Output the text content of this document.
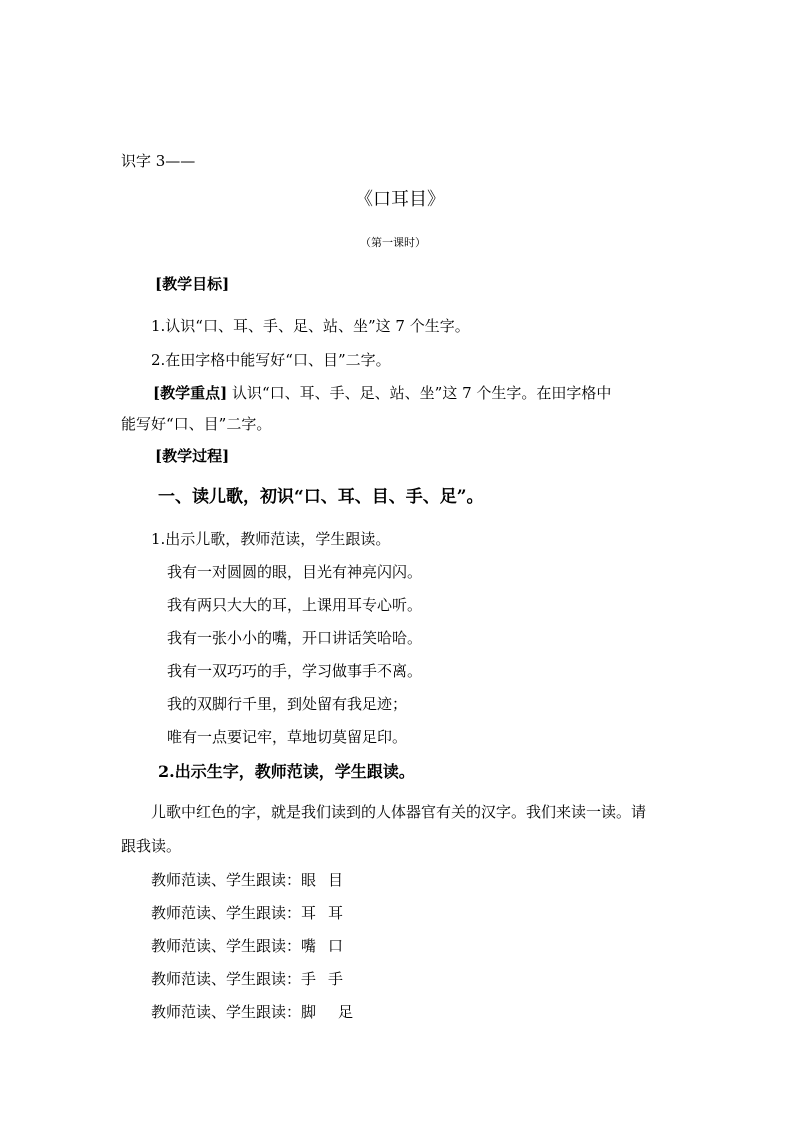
识字 3——
《口耳目》
（第一课时）
[教学目标]
1.认识“口、耳、手、足、站、坐”这 7 个生字。
2.在田字格中能写好“口、目”二字。
[教学重点] 认识“口、耳、手、足、站、坐”这 7 个生字。在田字格中
能写好“口、目”二字。
[教学过程]
一、读儿歌，初识“口、耳、目、手、足”。
1.出示儿歌，教师范读，学生跟读。
我有一对圆圆的眼，目光有神亮闪闪。
我有两只大大的耳，上课用耳专心听。
我有一张小小的嘴，开口讲话笑哈哈。
我有一双巧巧的手，学习做事手不离。
我的双脚行千里，到处留有我足迹；
唯有一点要记牢，草地切莫留足印。
2.出示生字，教师范读，学生跟读。
儿歌中红色的字，就是我们读到的人体器官有关的汉字。我们来读一读。请
跟我读。
教师范读、学生跟读：眼 目
教师范读、学生跟读：耳 耳
教师范读、学生跟读：嘴 口
教师范读、学生跟读：手 手
教师范读、学生跟读：脚 足
